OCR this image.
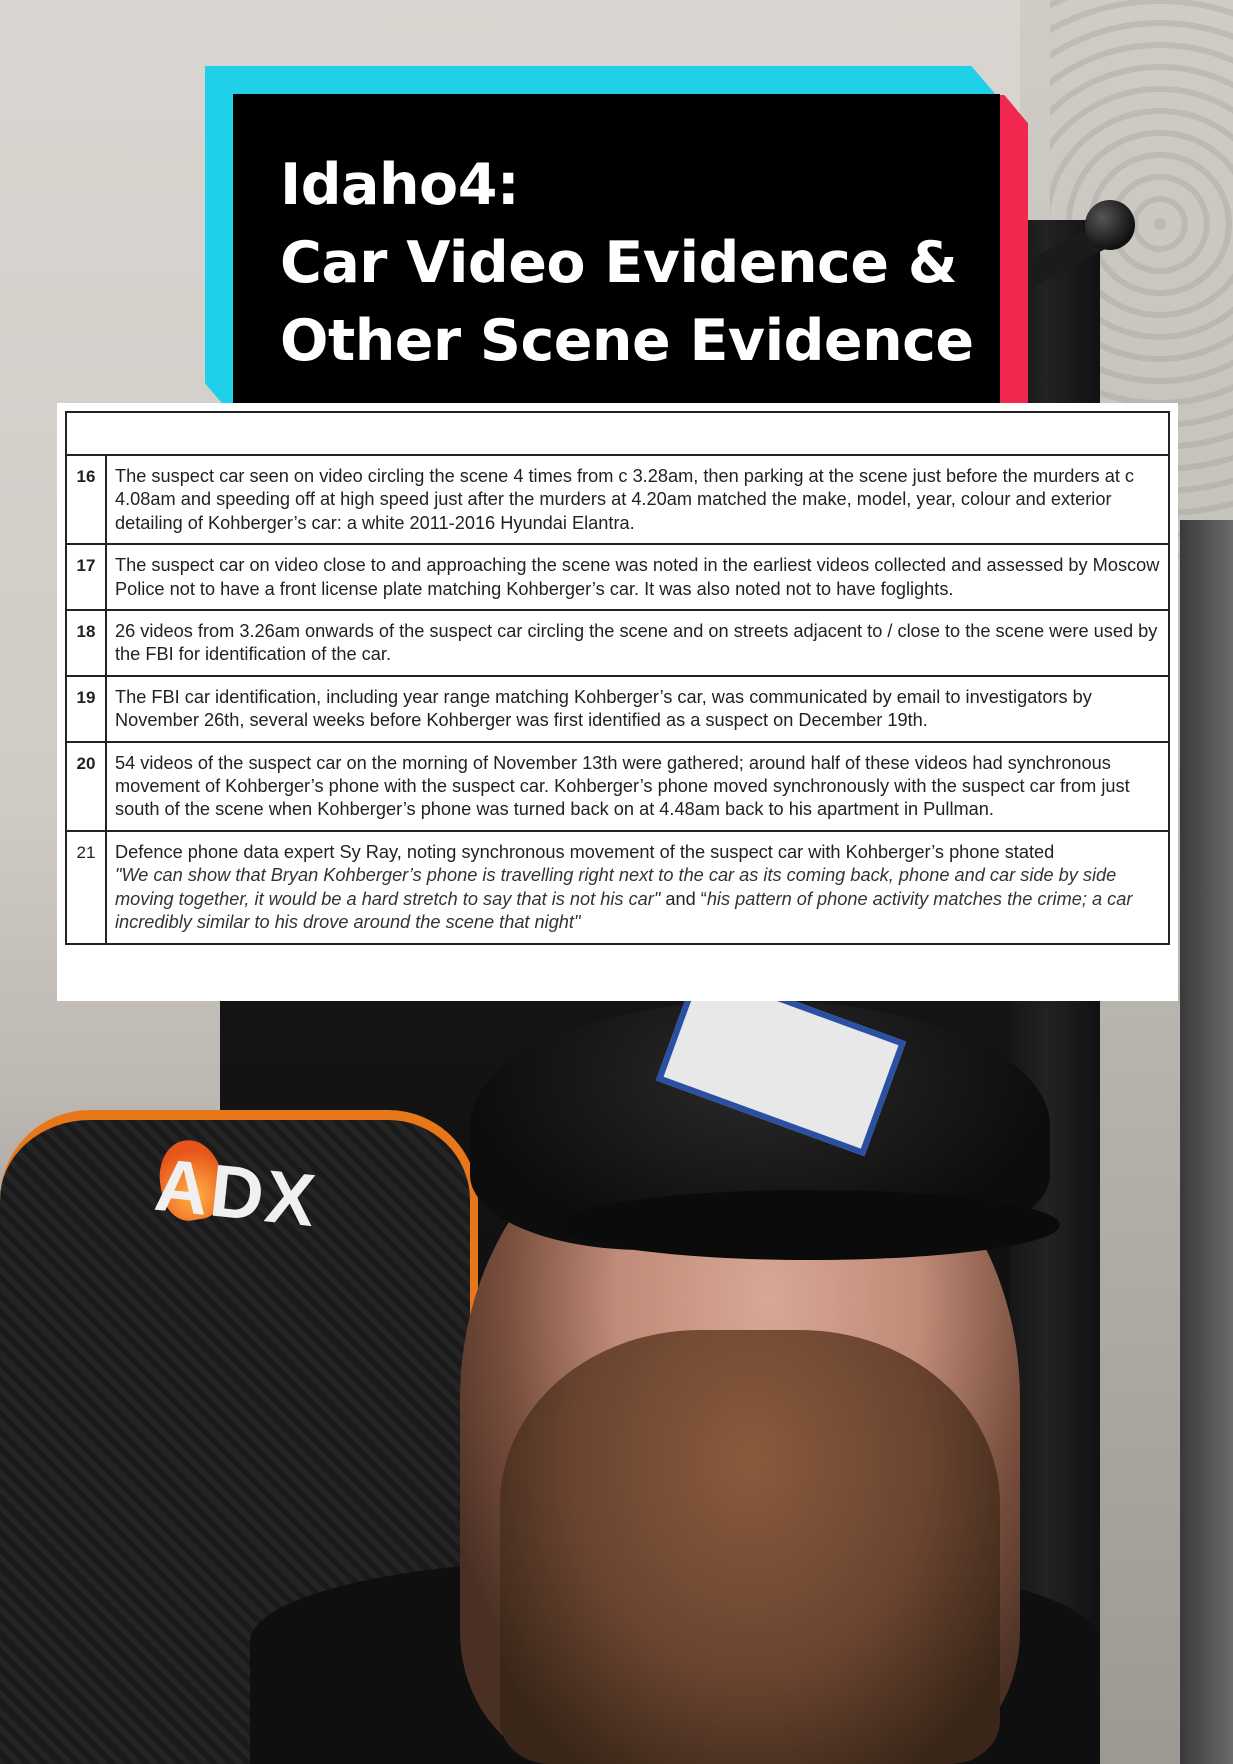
ADX
Idaho4:
Car Video Evidence &
Other Scene Evidence

16	The suspect car seen on video circling the scene 4 times from c 3.28am, then parking at the scene just before the murders at c 4.08am and speeding off at high speed just after the murders at 4.20am matched the make, model, year, colour and exterior detailing of Kohberger’s car: a white 2011-2016 Hyundai Elantra.
17	The suspect car on video close to and approaching the scene was noted in the earliest videos collected and assessed by Moscow Police not to have a front license plate matching Kohberger’s car. It was also noted not to have foglights.
18	26 videos from 3.26am onwards of the suspect car circling the scene and on streets adjacent to / close to the scene were used by the FBI for identification of the car.
19	The FBI car identification, including year range matching Kohberger’s car, was communicated by email to investigators by November 26th, several weeks before Kohberger was first identified as a suspect on December 19th.
20	54 videos of the suspect car on the morning of November 13th were gathered; around half of these videos had synchronous movement of Kohberger’s phone with the suspect car. Kohberger’s phone moved synchronously with the suspect car from just south of the scene when Kohberger’s phone was turned back on at 4.48am back to his apartment in Pullman.
21	Defence phone data expert Sy Ray, noting synchronous movement of the suspect car with Kohberger’s phone stated
"We can show that Bryan Kohberger’s phone is travelling right next to the car as its coming back, phone and car side by side moving together, it would be a hard stretch to say that is not his car" and “his pattern of phone activity matches the crime; a car incredibly similar to his drove around the scene that night"
